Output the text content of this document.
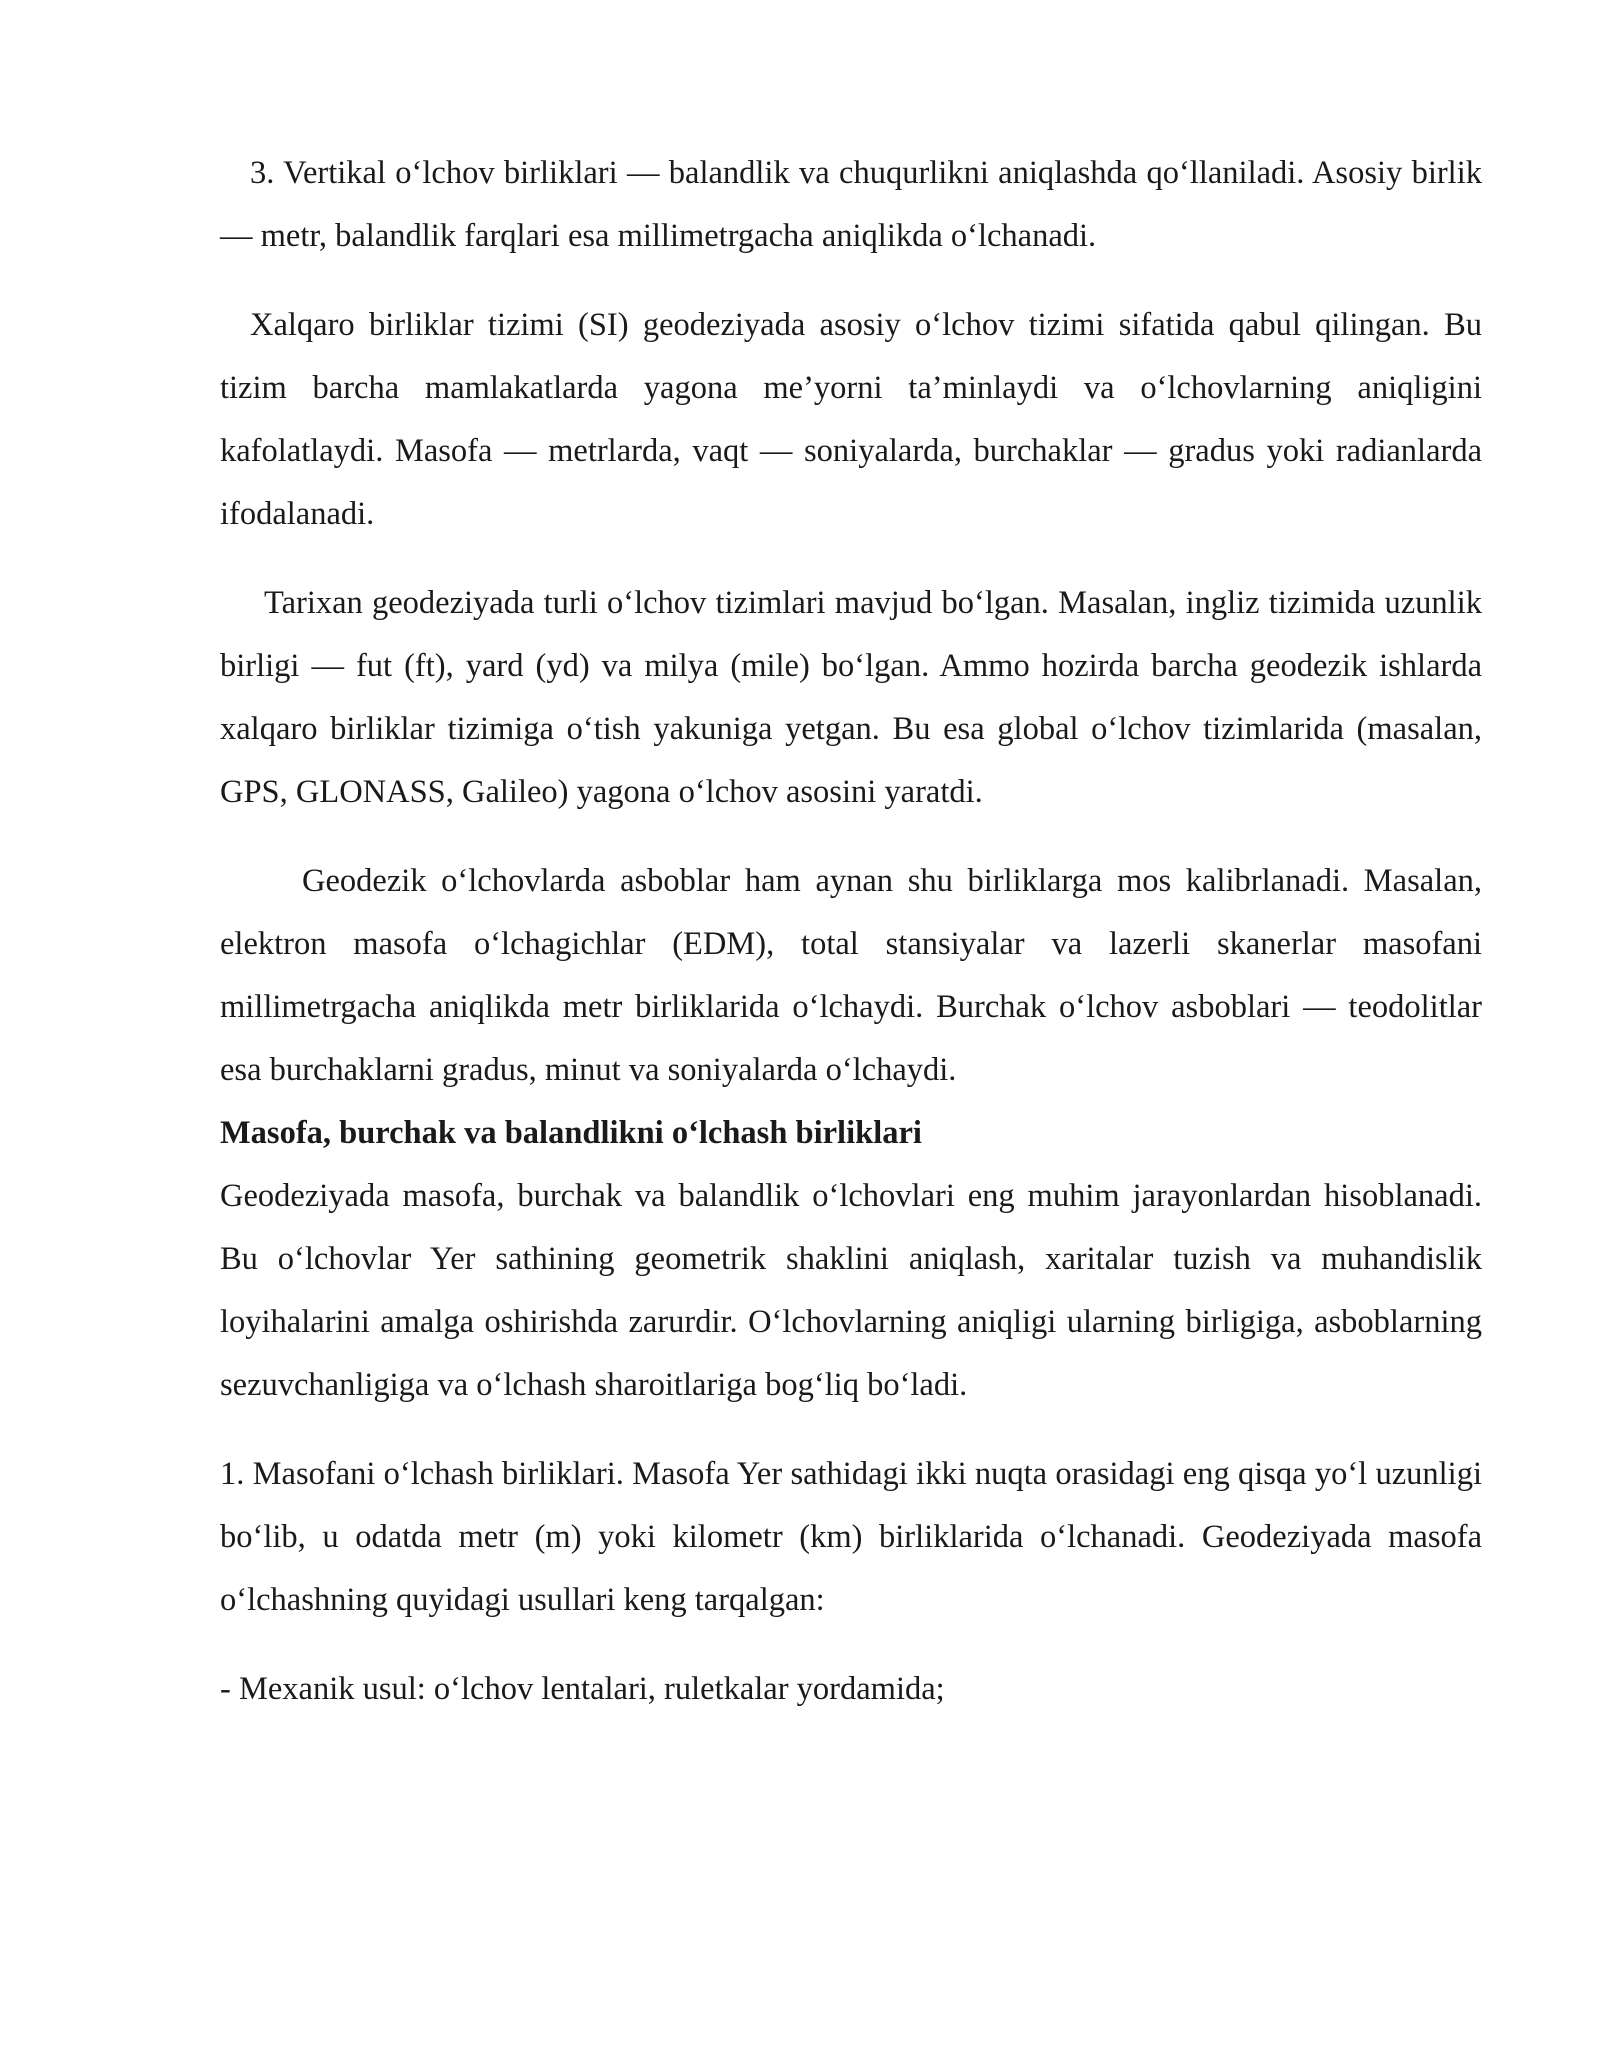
3. Vertikal o‘lchov birliklari — balandlik va chuqurlikni aniqlashda qo‘llaniladi. Asosiy birlik — metr, balandlik farqlari esa millimetrgacha aniqlikda o‘lchanadi.

Xalqaro birliklar tizimi (SI) geodeziyada asosiy o‘lchov tizimi sifatida qabul qilingan. Bu tizim barcha mamlakatlarda yagona me’yorni ta’minlaydi va o‘lchovlarning aniqligini kafolatlaydi. Masofa — metrlarda, vaqt — soniyalarda, burchaklar — gradus yoki radianlarda ifodalanadi.

Tarixan geodeziyada turli o‘lchov tizimlari mavjud bo‘lgan. Masalan, ingliz tizimida uzunlik birligi — fut (ft), yard (yd) va milya (mile) bo‘lgan. Ammo hozirda barcha geodezik ishlarda xalqaro birliklar tizimiga o‘tish yakuniga yetgan. Bu esa global o‘lchov tizimlarida (masalan, GPS, GLONASS, Galileo) yagona o‘lchov asosini yaratdi.

Geodezik o‘lchovlarda asboblar ham aynan shu birliklarga mos kalibrlanadi. Masalan, elektron masofa o‘lchagichlar (EDM), total stansiyalar va lazerli skanerlar masofani millimetrgacha aniqlikda metr birliklarida o‘lchaydi. Burchak o‘lchov asboblari — teodolitlar esa burchaklarni gradus, minut va soniyalarda o‘lchaydi.

Masofa, burchak va balandlikni o‘lchash birliklari

Geodeziyada masofa, burchak va balandlik o‘lchovlari eng muhim jarayonlardan hisoblanadi. Bu o‘lchovlar Yer sathining geometrik shaklini aniqlash, xaritalar tuzish va muhandislik loyihalarini amalga oshirishda zarurdir. O‘lchovlarning aniqligi ularning birligiga, asboblarning sezuvchanligiga va o‘lchash sharoitlariga bog‘liq bo‘ladi.

1. Masofani o‘lchash birliklari. Masofa Yer sathidagi ikki nuqta orasidagi eng qisqa yo‘l uzunligi bo‘lib, u odatda metr (m) yoki kilometr (km) birliklarida o‘lchanadi. Geodeziyada masofa o‘lchashning quyidagi usullari keng tarqalgan:

- Mexanik usul: o‘lchov lentalari, ruletkalar yordamida;
